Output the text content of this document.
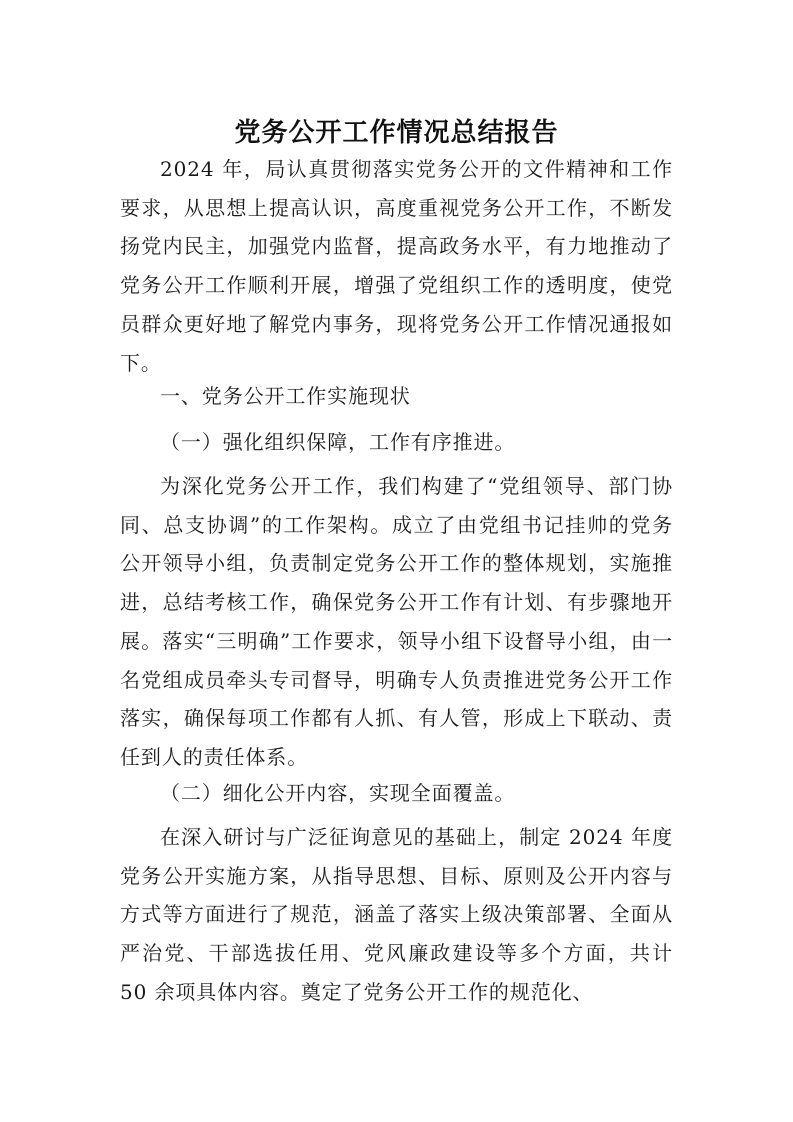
党务公开工作情况总结报告

2024 年，局认真贯彻落实党务公开的文件精神和工作要求，从思想上提高认识，高度重视党务公开工作，不断发扬党内民主，加强党内监督，提高政务水平，有力地推动了党务公开工作顺利开展，增强了党组织工作的透明度，使党员群众更好地了解党内事务，现将党务公开工作情况通报如下。

一、党务公开工作实施现状

（一）强化组织保障，工作有序推进。

为深化党务公开工作，我们构建了“党组领导、部门协同、总支协调”的工作架构。成立了由党组书记挂帅的党务公开领导小组，负责制定党务公开工作的整体规划，实施推进，总结考核工作，确保党务公开工作有计划、有步骤地开展。落实“三明确”工作要求，领导小组下设督导小组，由一名党组成员牵头专司督导，明确专人负责推进党务公开工作落实，确保每项工作都有人抓、有人管，形成上下联动、责任到人的责任体系。

（二）细化公开内容，实现全面覆盖。

在深入研讨与广泛征询意见的基础上，制定 2024 年度党务公开实施方案，从指导思想、目标、原则及公开内容与方式等方面进行了规范，涵盖了落实上级决策部署、全面从严治党、干部选拔任用、党风廉政建设等多个方面，共计 50 余项具体内容。奠定了党务公开工作的规范化、
